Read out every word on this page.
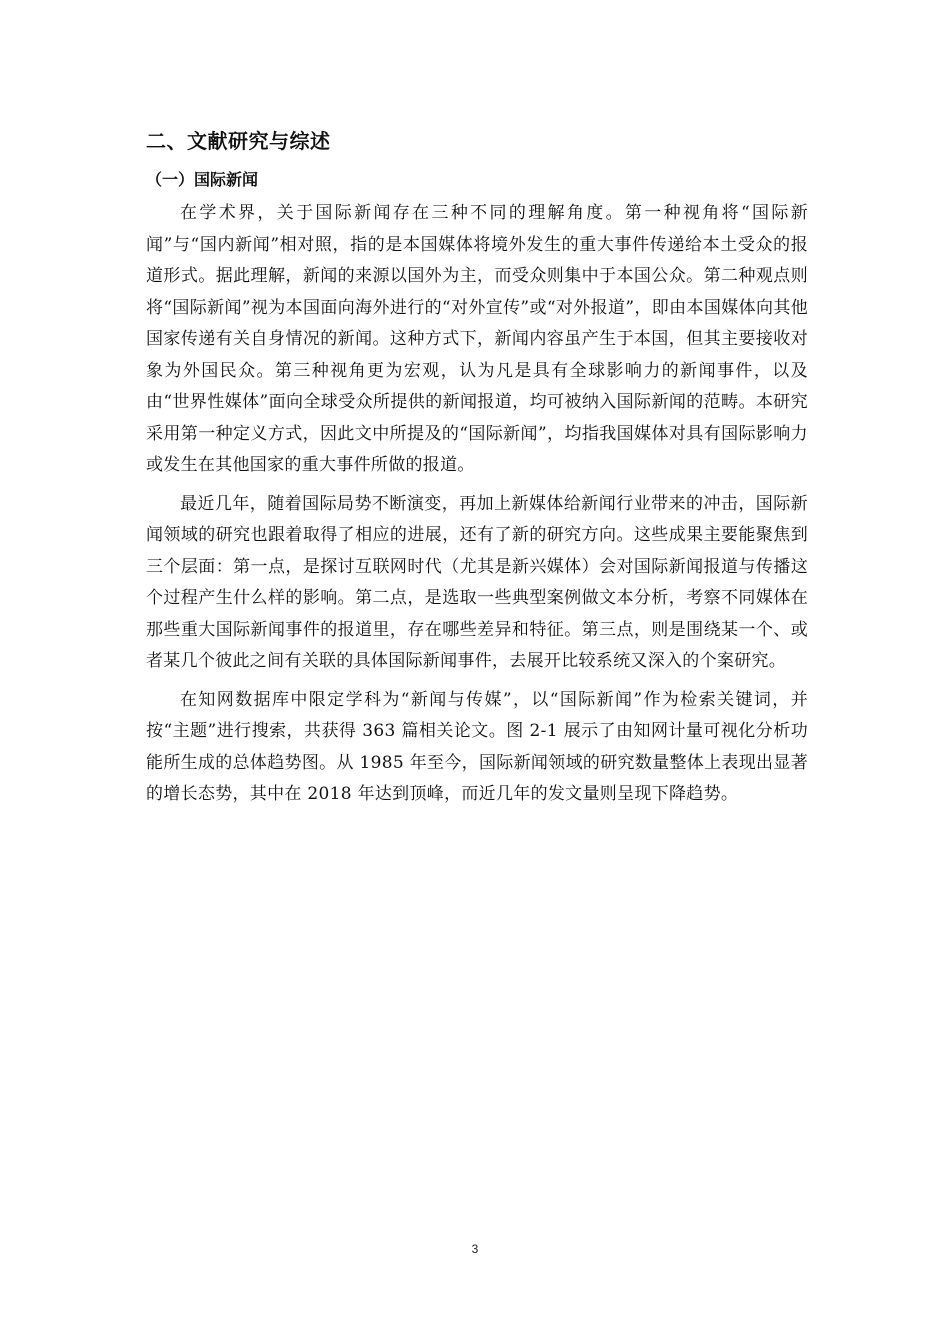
二、文献研究与综述
（一）国际新闻

在学术界，关于国际新闻存在三种不同的理解角度。第一种视角将“国际新闻”与“国内新闻”相对照，指的是本国媒体将境外发生的重大事件传递给本土受众的报道形式。据此理解，新闻的来源以国外为主，而受众则集中于本国公众。第二种观点则将“国际新闻”视为本国面向海外进行的“对外宣传”或“对外报道”，即由本国媒体向其他国家传递有关自身情况的新闻。这种方式下，新闻内容虽产生于本国，但其主要接收对象为外国民众。第三种视角更为宏观，认为凡是具有全球影响力的新闻事件，以及由“世界性媒体”面向全球受众所提供的新闻报道，均可被纳入国际新闻的范畴。本研究采用第一种定义方式，因此文中所提及的“国际新闻”，均指我国媒体对具有国际影响力或发生在其他国家的重大事件所做的报道。

最近几年，随着国际局势不断演变，再加上新媒体给新闻行业带来的冲击，国际新闻领域的研究也跟着取得了相应的进展，还有了新的研究方向。这些成果主要能聚焦到三个层面：第一点，是探讨互联网时代（尤其是新兴媒体）会对国际新闻报道与传播这个过程产生什么样的影响。第二点，是选取一些典型案例做文本分析，考察不同媒体在那些重大国际新闻事件的报道里，存在哪些差异和特征。第三点，则是围绕某一个、或者某几个彼此之间有关联的具体国际新闻事件，去展开比较系统又深入的个案研究。

在知网数据库中限定学科为“新闻与传媒”，以“国际新闻”作为检索关键词，并按“主题”进行搜索，共获得 363 篇相关论文。图 2-1 展示了由知网计量可视化分析功能所生成的总体趋势图。从 1985 年至今，国际新闻领域的研究数量整体上表现出显著的增长态势，其中在 2018 年达到顶峰，而近几年的发文量则呈现下降趋势。

3
